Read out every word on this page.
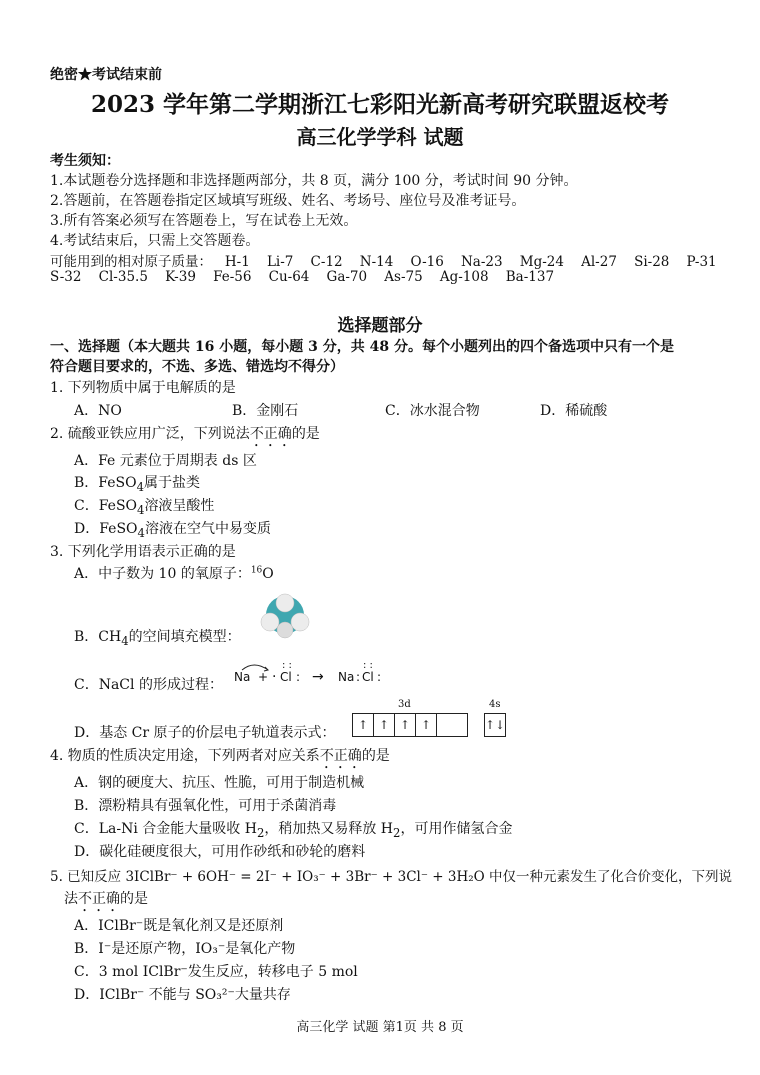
绝密★考试结束前
2023 学年第二学期浙江七彩阳光新高考研究联盟返校考
高三化学学科 试题
考生须知：
1.本试题卷分选择题和非选择题两部分，共 8 页，满分 100 分，考试时间 90 分钟。
2.答题前，在答题卷指定区域填写班级、姓名、考场号、座位号及准考证号。
3.所有答案必须写在答题卷上，写在试卷上无效。
4.考试结束后，只需上交答题卷。
可能用到的相对原子质量：   H-1    Li-7    C-12    N-14    O-16    Na-23    Mg-24    Al-27    Si-28    P-31
S-32    Cl-35.5    K-39    Fe-56    Cu-64    Ga-70    As-75    Ag-108    Ba-137
选择题部分
一、选择题（本大题共 16 小题，每小题 3 分，共 48 分。每个小题列出的四个备选项中只有一个是
符合题目要求的，不选、多选、错选均不得分）
1. 下列物质中属于电解质的是
A．NO	B．金刚石	C．冰水混合物	D．稀硫酸
2. 硫酸亚铁应用广泛，下列说法不正确的是
A．Fe 元素位于周期表 ds 区
B．FeSO$_4$属于盐类
C．FeSO$_4$溶液呈酸性
D．FeSO$_4$溶液在空气中易变质
3. 下列化学用语表示正确的是
A．中子数为 10 的氧原子：$^{16}$O
B．$CH_4$的空间填充模型：
C．NaCl 的形成过程： Na + · Cl
: :
: → Na : Cl
: :
:
D．基态 Cr 原子的价层电子轨道表示式：
3d	4s
↑ ↑ ↑ ↑	↑↓
4. 物质的性质决定用途，下列两者对应关系不正确的是
A．钢的硬度大、抗压、性脆，可用于制造机械
B．漂粉精具有强氧化性，可用于杀菌消毒
C．La-Ni 合金能大量吸收 $H_2$，稍加热又易释放 $H_2$，可用作储氢合金
D．碳化硅硬度很大，可用作砂纸和砂轮的磨料
5. 已知反应 3IClBr⁻ + 6OH⁻ = 2I⁻ + IO₃⁻ + 3Br⁻ + 3Cl⁻ + 3H₂O 中仅一种元素发生了化合价变化，下列说
法不正确的是
A．IClBr⁻既是氧化剂又是还原剂
B．I⁻是还原产物，IO₃⁻是氧化产物
C．3 mol IClBr⁻发生反应，转移电子 5 mol
D．IClBr⁻ 不能与 SO₃²⁻大量共存
高三化学 试题 第1页 共 8 页
